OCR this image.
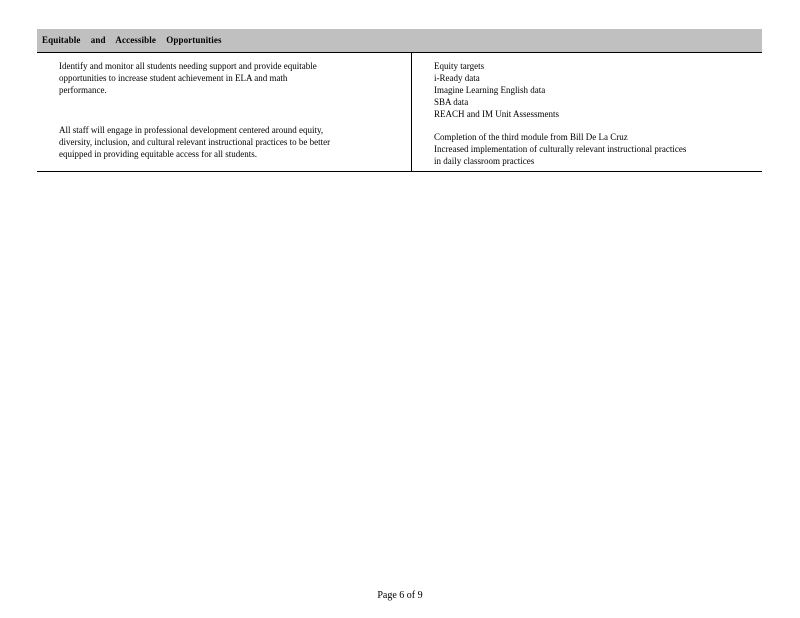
Equitable and Accessible Opportunities
Identify and monitor all students needing support and provide equitable
opportunities to increase student achievement in ELA and math
performance.
All staff will engage in professional development centered around equity,
diversity, inclusion, and cultural relevant instructional practices to be better
equipped in providing equitable access for all students.
Equity targets
i-Ready data
Imagine Learning English data
SBA data
REACH and IM Unit Assessments
Completion of the third module from Bill De La Cruz
Increased implementation of culturally relevant instructional practices
in daily classroom practices
Page 6 of 9
